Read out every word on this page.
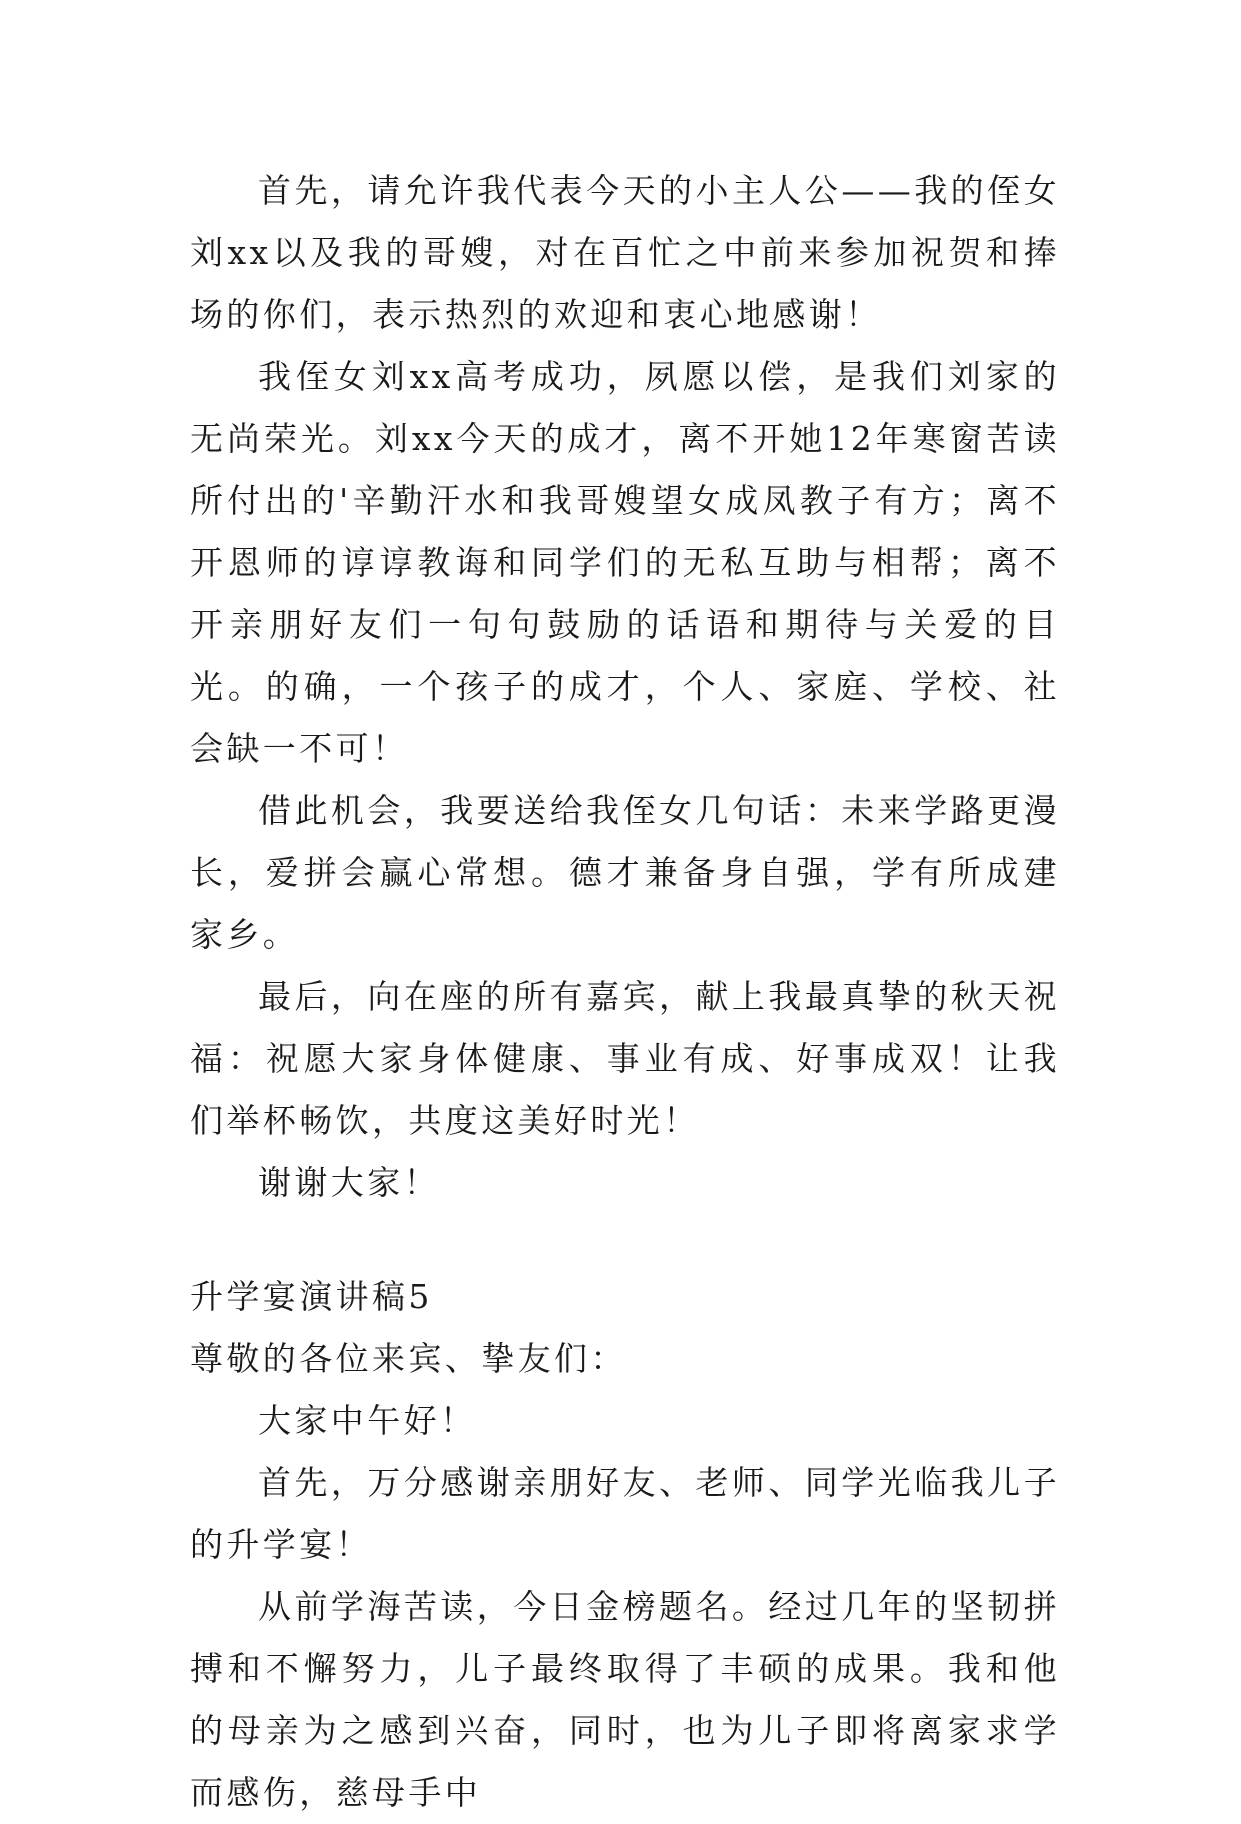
首先，请允许我代表今天的小主人公——我的侄女刘xx以及我的哥嫂，对在百忙之中前来参加祝贺和捧场的你们，表示热烈的欢迎和衷心地感谢！

我侄女刘xx高考成功，夙愿以偿，是我们刘家的无尚荣光。刘xx今天的成才，离不开她12年寒窗苦读所付出的'辛勤汗水和我哥嫂望女成凤教子有方；离不开恩师的谆谆教诲和同学们的无私互助与相帮；离不开亲朋好友们一句句鼓励的话语和期待与关爱的目光。的确，一个孩子的成才，个人、家庭、学校、社会缺一不可！

借此机会，我要送给我侄女几句话：未来学路更漫长，爱拼会赢心常想。德才兼备身自强，学有所成建家乡。

最后，向在座的所有嘉宾，献上我最真挚的秋天祝福：祝愿大家身体健康、事业有成、好事成双！让我们举杯畅饮，共度这美好时光！

谢谢大家！

升学宴演讲稿5

尊敬的各位来宾、挚友们：

大家中午好！

首先，万分感谢亲朋好友、老师、同学光临我儿子的升学宴！

从前学海苦读，今日金榜题名。经过几年的坚韧拼搏和不懈努力，儿子最终取得了丰硕的成果。我和他的母亲为之感到兴奋，同时，也为儿子即将离家求学而感伤，慈母手中
